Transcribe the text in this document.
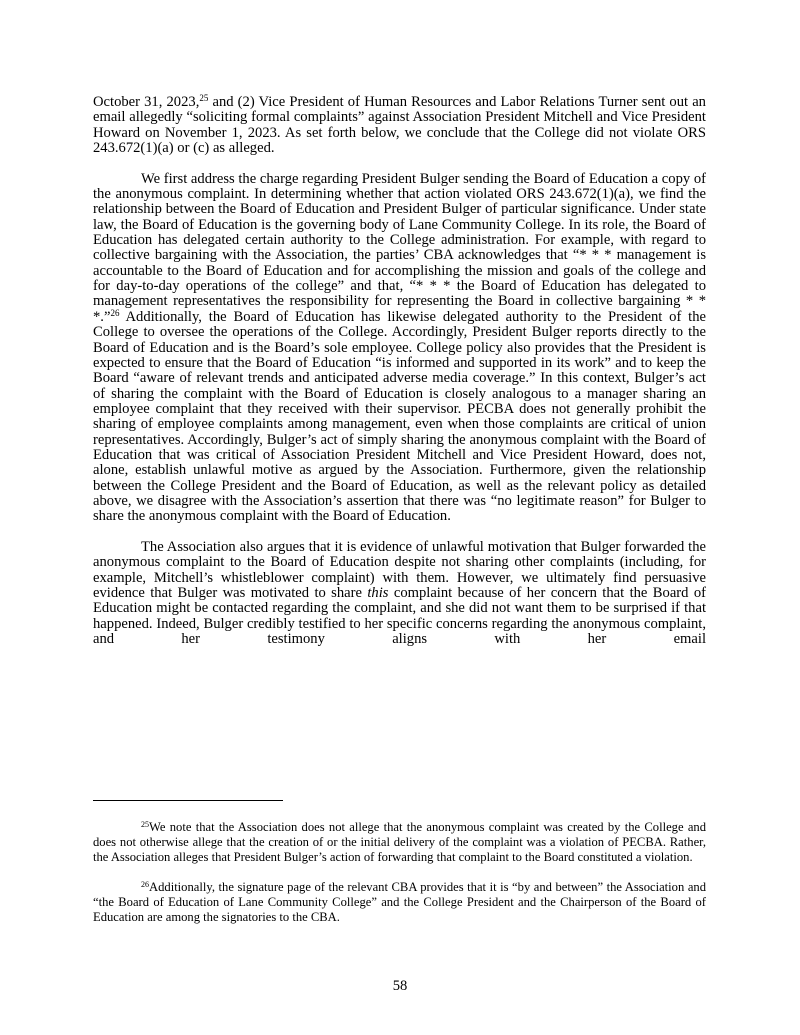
October 31, 2023,25 and (2) Vice President of Human Resources and Labor Relations Turner sent out an email allegedly “soliciting formal complaints” against Association President Mitchell and Vice President Howard on November 1, 2023. As set forth below, we conclude that the College did not violate ORS 243.672(1)(a) or (c) as alleged.

We first address the charge regarding President Bulger sending the Board of Education a copy of the anonymous complaint. In determining whether that action violated ORS 243.672(1)(a), we find the relationship between the Board of Education and President Bulger of particular significance. Under state law, the Board of Education is the governing body of Lane Community College. In its role, the Board of Education has delegated certain authority to the College administration. For example, with regard to collective bargaining with the Association, the parties’ CBA acknowledges that “* * * management is accountable to the Board of Education and for accomplishing the mission and goals of the college and for day-to-day operations of the college” and that, “* * * the Board of Education has delegated to management representatives the responsibility for representing the Board in collective bargaining * * *.”$^{26}$ Additionally, the Board of Education has likewise delegated authority to the President of the College to oversee the operations of the College. Accordingly, President Bulger reports directly to the Board of Education and is the Board’s sole employee. College policy also provides that the President is expected to ensure that the Board of Education “is informed and supported in its work” and to keep the Board “aware of relevant trends and anticipated adverse media coverage.” In this context, Bulger’s act of sharing the complaint with the Board of Education is closely analogous to a manager sharing an employee complaint that they received with their supervisor. PECBA does not generally prohibit the sharing of employee complaints among management, even when those complaints are critical of union representatives. Accordingly, Bulger’s act of simply sharing the anonymous complaint with the Board of Education that was critical of Association President Mitchell and Vice President Howard, does not, alone, establish unlawful motive as argued by the Association. Furthermore, given the relationship between the College President and the Board of Education, as well as the relevant policy as detailed above, we disagree with the Association’s assertion that there was “no legitimate reason” for Bulger to share the anonymous complaint with the Board of Education.

The Association also argues that it is evidence of unlawful motivation that Bulger forwarded the anonymous complaint to the Board of Education despite not sharing other complaints (including, for example, Mitchell’s whistleblower complaint) with them. However, we ultimately find persuasive evidence that Bulger was motivated to share this complaint because of her concern that the Board of Education might be contacted regarding the complaint, and she did not want them to be surprised if that happened. Indeed, Bulger credibly testified to her specific concerns regarding the anonymous complaint, and her testimony aligns with her email

$^{25}$We note that the Association does not allege that the anonymous complaint was created by the College and does not otherwise allege that the creation of or the initial delivery of the complaint was a violation of PECBA. Rather, the Association alleges that President Bulger’s action of forwarding that complaint to the Board constituted a violation.

$^{26}$Additionally, the signature page of the relevant CBA provides that it is “by and between” the Association and “the Board of Education of Lane Community College” and the College President and the Chairperson of the Board of Education are among the signatories to the CBA.

58
